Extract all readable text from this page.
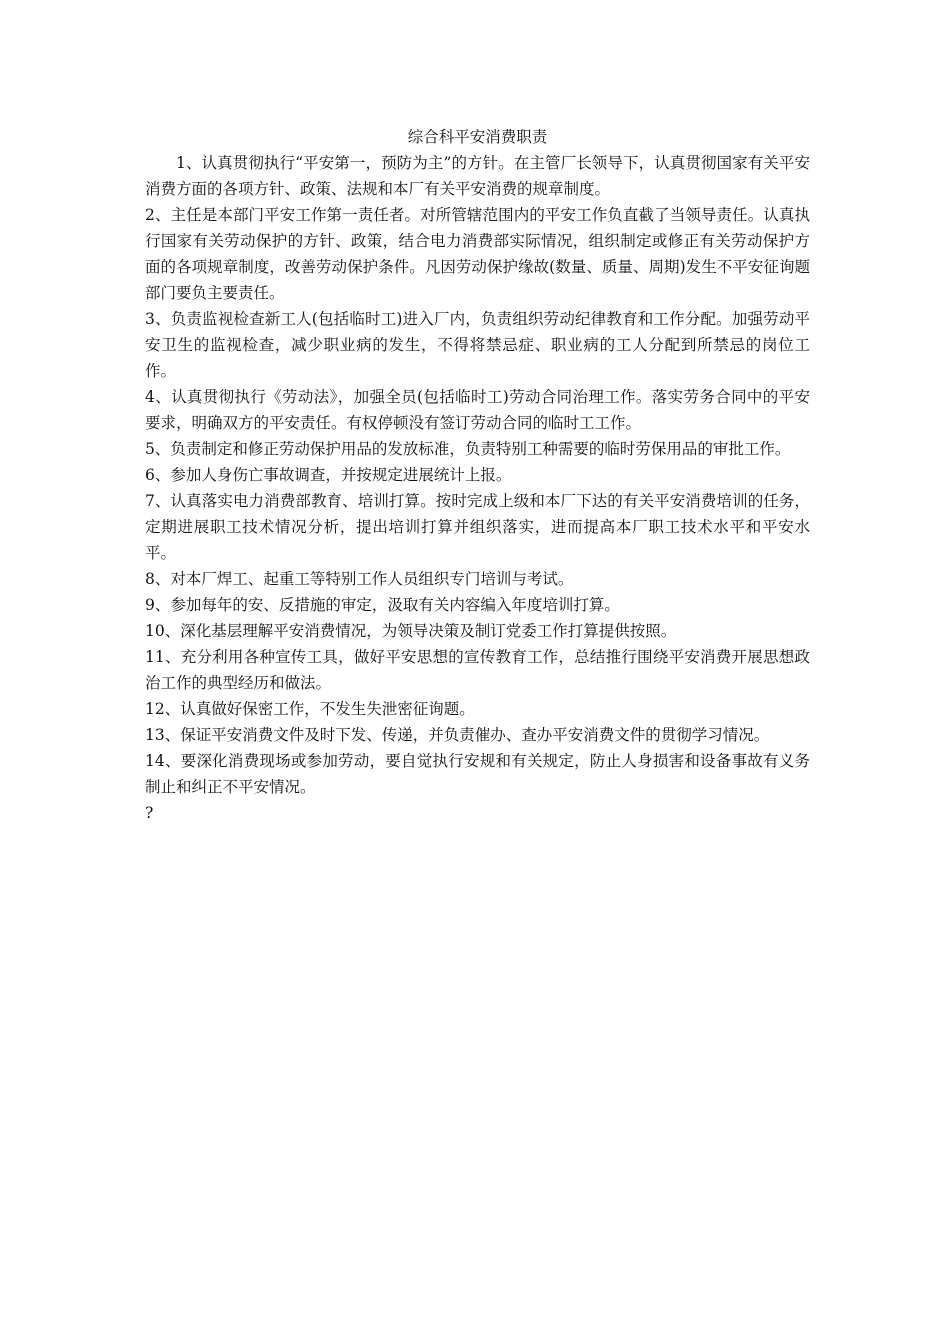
综合科平安消费职责

1、认真贯彻执行“平安第一，预防为主”的方针。在主管厂长领导下，认真贯彻国家有关平安消费方面的各项方针、政策、法规和本厂有关平安消费的规章制度。

2、主任是本部门平安工作第一责任者。对所管辖范围内的平安工作负直截了当领导责任。认真执行国家有关劳动保护的方针、政策，结合电力消费部实际情况，组织制定或修正有关劳动保护方面的各项规章制度，改善劳动保护条件。凡因劳动保护缘故(数量、质量、周期)发生不平安征询题部门要负主要责任。

3、负责监视检查新工人(包括临时工)进入厂内，负责组织劳动纪律教育和工作分配。加强劳动平安卫生的监视检查，减少职业病的发生，不得将禁忌症、职业病的工人分配到所禁忌的岗位工作。

4、认真贯彻执行《劳动法》，加强全员(包括临时工)劳动合同治理工作。落实劳务合同中的平安要求，明确双方的平安责任。有权停顿没有签订劳动合同的临时工工作。

5、负责制定和修正劳动保护用品的发放标准，负责特别工种需要的临时劳保用品的审批工作。

6、参加人身伤亡事故调查，并按规定进展统计上报。

7、认真落实电力消费部教育、培训打算。按时完成上级和本厂下达的有关平安消费培训的任务，定期进展职工技术情况分析，提出培训打算并组织落实，进而提高本厂职工技术水平和平安水平。

8、对本厂焊工、起重工等特别工作人员组织专门培训与考试。

9、参加每年的安、反措施的审定，汲取有关内容编入年度培训打算。

10、深化基层理解平安消费情况，为领导决策及制订党委工作打算提供按照。

11、充分利用各种宣传工具，做好平安思想的宣传教育工作，总结推行围绕平安消费开展思想政治工作的典型经历和做法。

12、认真做好保密工作，不发生失泄密征询题。

13、保证平安消费文件及时下发、传递，并负责催办、查办平安消费文件的贯彻学习情况。

14、要深化消费现场或参加劳动，要自觉执行安规和有关规定，防止人身损害和设备事故有义务制止和纠正不平安情况。

?
